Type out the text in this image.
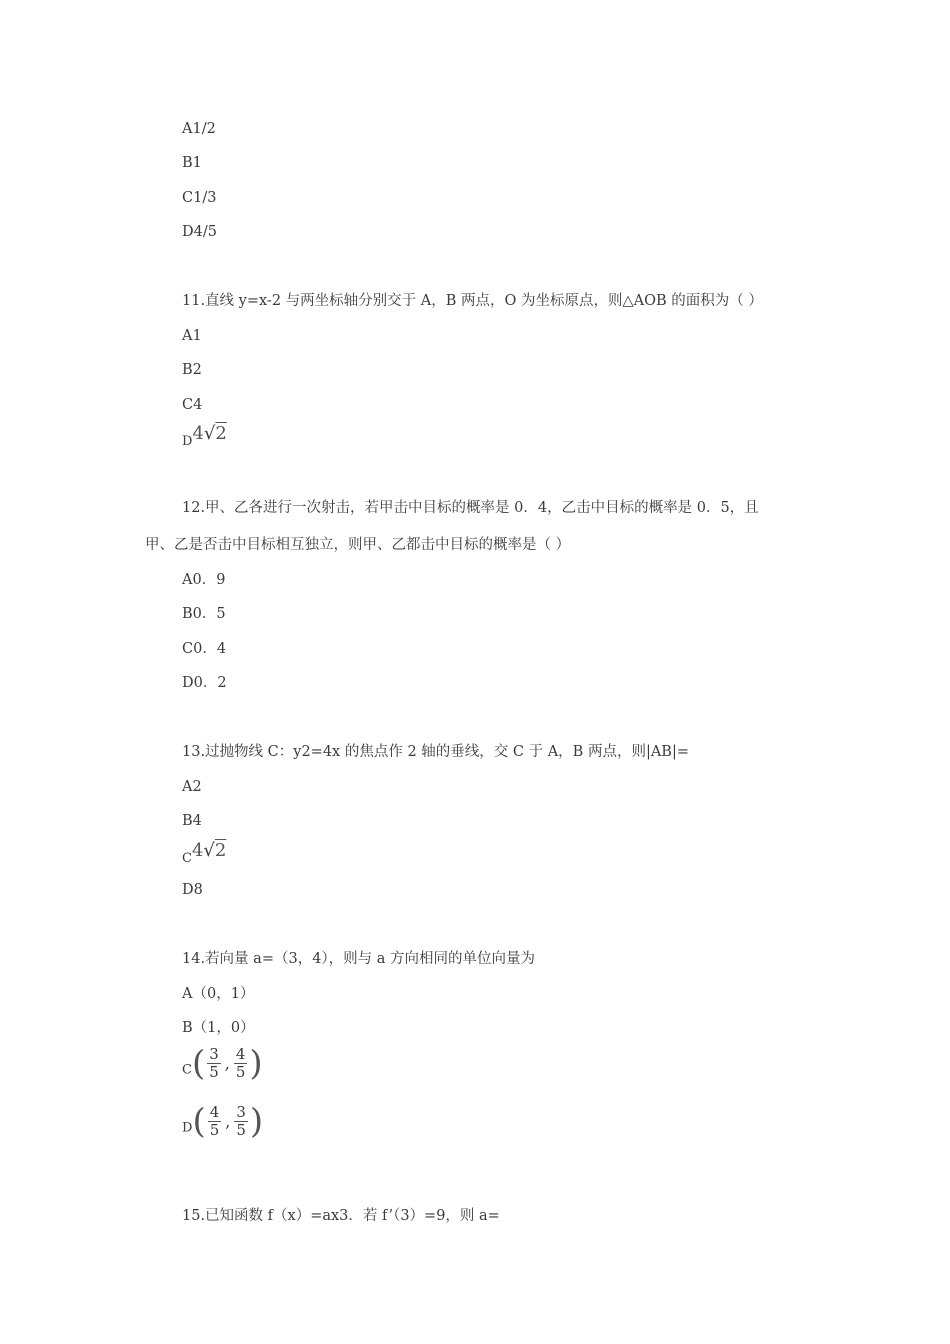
A1/2
B1
C1/3
D4/5
11.直线 y=x-2 与两坐标轴分别交于 A，B 两点，O 为坐标原点，则△AOB 的面积为（ ）
A1
B2
C4
D4√2
12.甲、乙各进行一次射击，若甲击中目标的概率是 0．4，乙击中目标的概率是 0．5，且
甲、乙是否击中目标相互独立，则甲、乙都击中目标的概率是（ ）
A0．9
B0．5
C0．4
D0．2
13.过抛物线 C：y2=4x 的焦点作 2 轴的垂线，交 C 于 A，B 两点，则|AB|=
A2
B4
C4√2
D8
14.若向量 a=（3，4），则与 a 方向相同的单位向量为
A（0，1）
B（1，0）
$C( \frac{3}{5}$ , $\frac{4}{5}$ )
$D( \frac{4}{5}$ , $\frac{3}{5}$ )
15.已知函数 f（x）=ax3．若 f’（3）=9，则 a=
